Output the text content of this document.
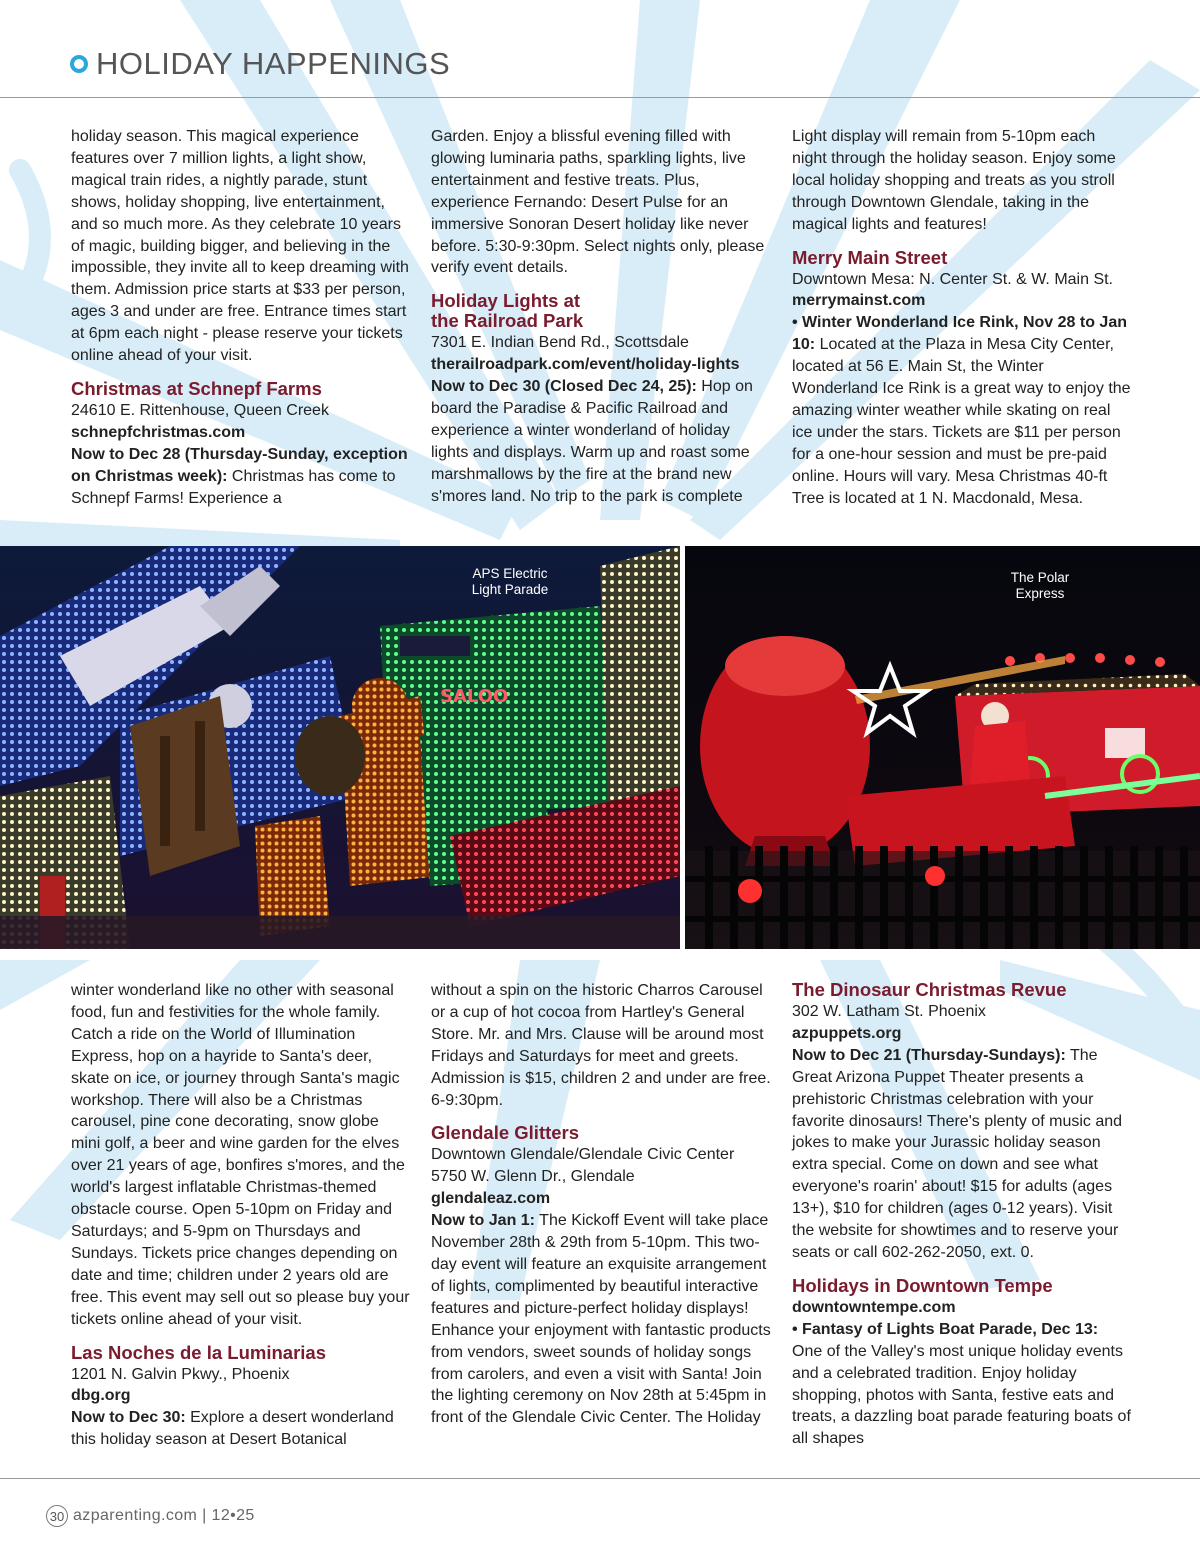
HOLIDAY HAPPENINGS

holiday season. This magical experience features over 7 million lights, a light show, magical train rides, a nightly parade, stunt shows, holiday shopping, live entertainment, and so much more. As they celebrate 10 years of magic, building bigger, and believing in the impossible, they invite all to keep dreaming with them. Admission price starts at $33 per person, ages 3 and under are free. Entrance times start at 6pm each night - please reserve your tickets online ahead of your visit.

Christmas at Schnepf Farms

24610 E. Rittenhouse, Queen Creek

schnepfchristmas.com

Now to Dec 28 (Thursday-Sunday, exception on Christmas week): Christmas has come to Schnepf Farms! Experience a

Garden. Enjoy a blissful evening filled with glowing luminaria paths, sparkling lights, live entertainment and festive treats. Plus, experience Fernando: Desert Pulse for an immersive Sonoran Desert holiday like never before. 5:30-9:30pm. Select nights only, please verify event details.

Holiday Lights at

the Railroad Park

7301 E. Indian Bend Rd., Scottsdale

therailroadpark.com/event/holiday-lights

Now to Dec 30 (Closed Dec 24, 25): Hop on board the Paradise & Pacific Railroad and experience a winter wonderland of holiday lights and displays. Warm up and roast some marshmallows by the fire at the brand new s'mores land. No trip to the park is complete

Light display will remain from 5-10pm each night through the holiday season. Enjoy some local holiday shopping and treats as you stroll through Downtown Glendale, taking in the magical lights and features!

Merry Main Street

Downtown Mesa: N. Center St. & W. Main St.

merrymainst.com

• Winter Wonderland Ice Rink, Nov 28 to Jan 10: Located at the Plaza in Mesa City Center, located at 56 E. Main St, the Winter Wonderland Ice Rink is a great way to enjoy the amazing winter weather while skating on real ice under the stars. Tickets are $11 per person for a one-hour session and must be pre-paid online. Hours will vary. Mesa Christmas 40-ft Tree is located at 1 N. Macdonald, Mesa.

SALOO
APS Electric
Light Parade
The Polar
Express

winter wonderland like no other with seasonal food, fun and festivities for the whole family. Catch a ride on the World of Illumination Express, hop on a hayride to Santa's deer, skate on ice, or journey through Santa's magic workshop. There will also be a Christmas carousel, pine cone decorating, snow globe mini golf, a beer and wine garden for the elves over 21 years of age, bonfires s'mores, and the world's largest inflatable Christmas-themed obstacle course. Open 5-10pm on Friday and Saturdays; and 5-9pm on Thursdays and Sundays. Tickets price changes depending on date and time; children under 2 years old are free. This event may sell out so please buy your tickets online ahead of your visit.

Las Noches de la Luminarias

1201 N. Galvin Pkwy., Phoenix

dbg.org

Now to Dec 30: Explore a desert wonderland this holiday season at Desert Botanical

without a spin on the historic Charros Carousel or a cup of hot cocoa from Hartley's General Store. Mr. and Mrs. Clause will be around most Fridays and Saturdays for meet and greets. Admission is $15, children 2 and under are free. 6-9:30pm.

Glendale Glitters

Downtown Glendale/Glendale Civic Center

5750 W. Glenn Dr., Glendale

glendaleaz.com

Now to Jan 1: The Kickoff Event will take place November 28th & 29th from 5-10pm. This two-day event will feature an exquisite arrangement of lights, complimented by beautiful interactive features and picture-perfect holiday displays! Enhance your enjoyment with fantastic products from vendors, sweet sounds of holiday songs from carolers, and even a visit with Santa! Join the lighting ceremony on Nov 28th at 5:45pm in front of the Glendale Civic Center. The Holiday

The Dinosaur Christmas Revue

302 W. Latham St. Phoenix

azpuppets.org

Now to Dec 21 (Thursday-Sundays): The Great Arizona Puppet Theater presents a prehistoric Christmas celebration with your favorite dinosaurs! There's plenty of music and jokes to make your Jurassic holiday season extra special. Come on down and see what everyone's roarin' about! $15 for adults (ages 13+), $10 for children (ages 0-12 years). Visit the website for showtimes and to reserve your seats or call 602-262-2050, ext. 0.

Holidays in Downtown Tempe

downtowntempe.com

• Fantasy of Lights Boat Parade, Dec 13: One of the Valley's most unique holiday events and a celebrated tradition. Enjoy holiday shopping, photos with Santa, festive eats and treats, a dazzling boat parade featuring boats of all shapes

30 azparenting.com | 12•25
